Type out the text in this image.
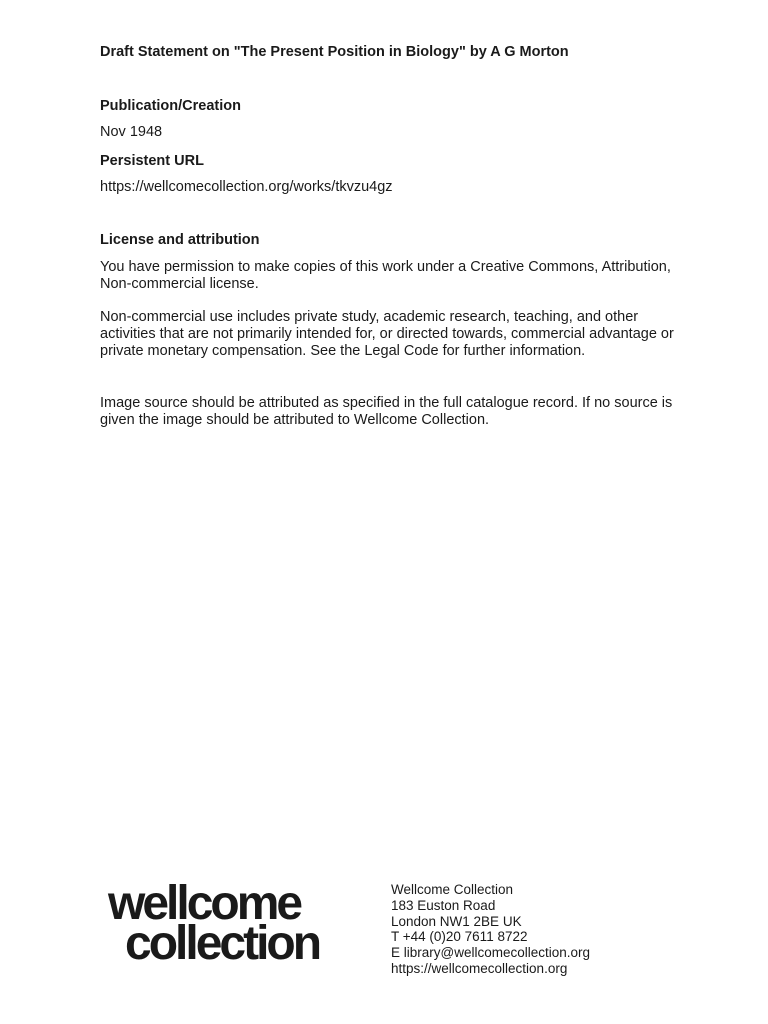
Draft Statement on "The Present Position in Biology" by A G Morton
Publication/Creation
Nov 1948
Persistent URL
https://wellcomecollection.org/works/tkvzu4gz
License and attribution

You have permission to make copies of this work under a Creative Commons, Attribution, Non-commercial license.

Non-commercial use includes private study, academic research, teaching, and other activities that are not primarily intended for, or directed towards, commercial advantage or private monetary compensation. See the Legal Code for further information.

Image source should be attributed as specified in the full catalogue record. If no source is given the image should be attributed to Wellcome Collection.

wellcome
collection
Wellcome Collection
183 Euston Road
London NW1 2BE UK
T +44 (0)20 7611 8722
E library@wellcomecollection.org
https://wellcomecollection.org
